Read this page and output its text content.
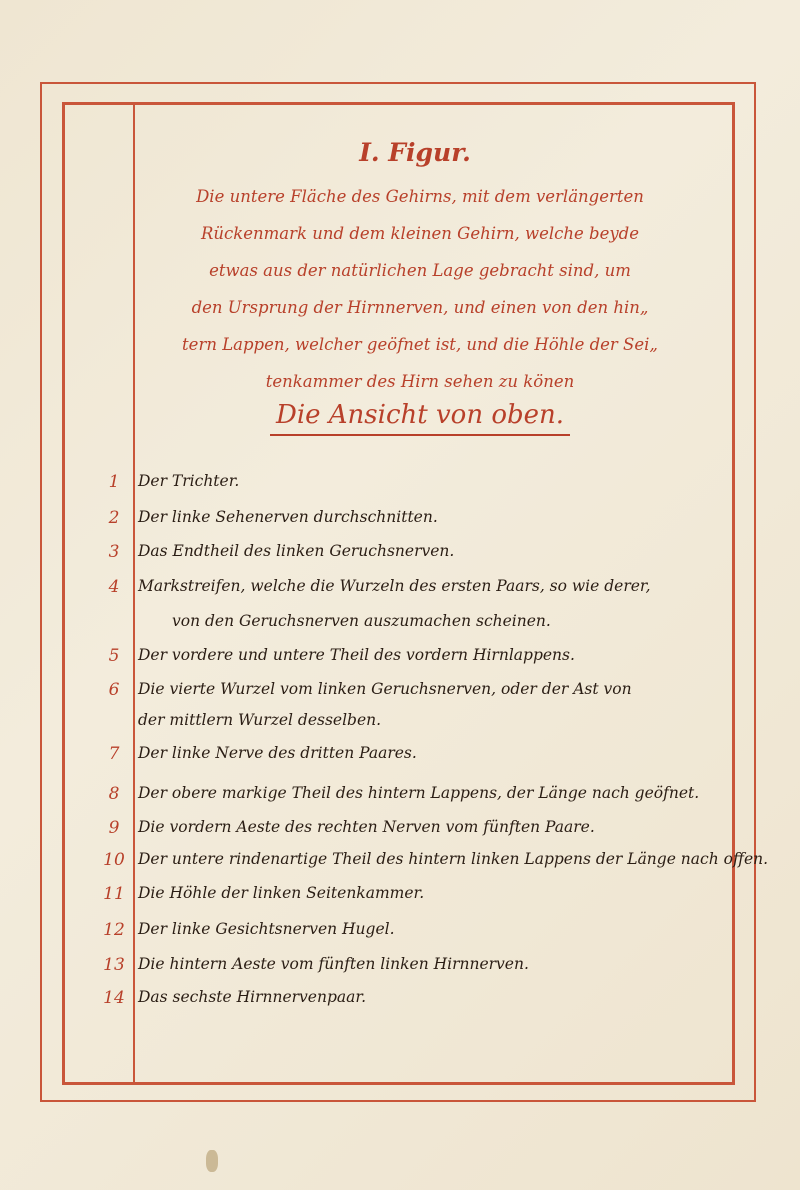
I. Figur.
Die untere Fläche des Gehirns, mit dem verlängerten
Rückenmark und dem kleinen Gehirn, welche beyde
etwas aus der natürlichen Lage gebracht sind, um
den Ursprung der Hirnnerven, und einen von den hin„
tern Lappen, welcher geöfnet ist, und die Höhle der Sei„
tenkammer des Hirn sehen zu könen
Die Ansicht von oben.
1	Der Trichter.
2	Der linke Sehenerven durchschnitten.
3	Das Endtheil des linken Geruchsnerven.
4	Markstreifen, welche die Wurzeln des ersten Paars, so wie derer,
von den Geruchsnerven auszumachen scheinen.
5	Der vordere und untere Theil des vordern Hirnlappens.
6	Die vierte Wurzel vom linken Geruchsnerven, oder der Ast von
der mittlern Wurzel desselben.
7	Der linke Nerve des dritten Paares.
8	Der obere markige Theil des hintern Lappens, der Länge nach geöfnet.
9	Die vordern Aeste des rechten Nerven vom fünften Paare.
10 Der untere rindenartige Theil des hintern linken Lappens der Länge nach offen.
11 Die Höhle der linken Seitenkammer.
12 Der linke Gesichtsnerven Hugel.
13 Die hintern Aeste vom fünften linken Hirnnerven.
14 Das sechste Hirnnervenpaar.
